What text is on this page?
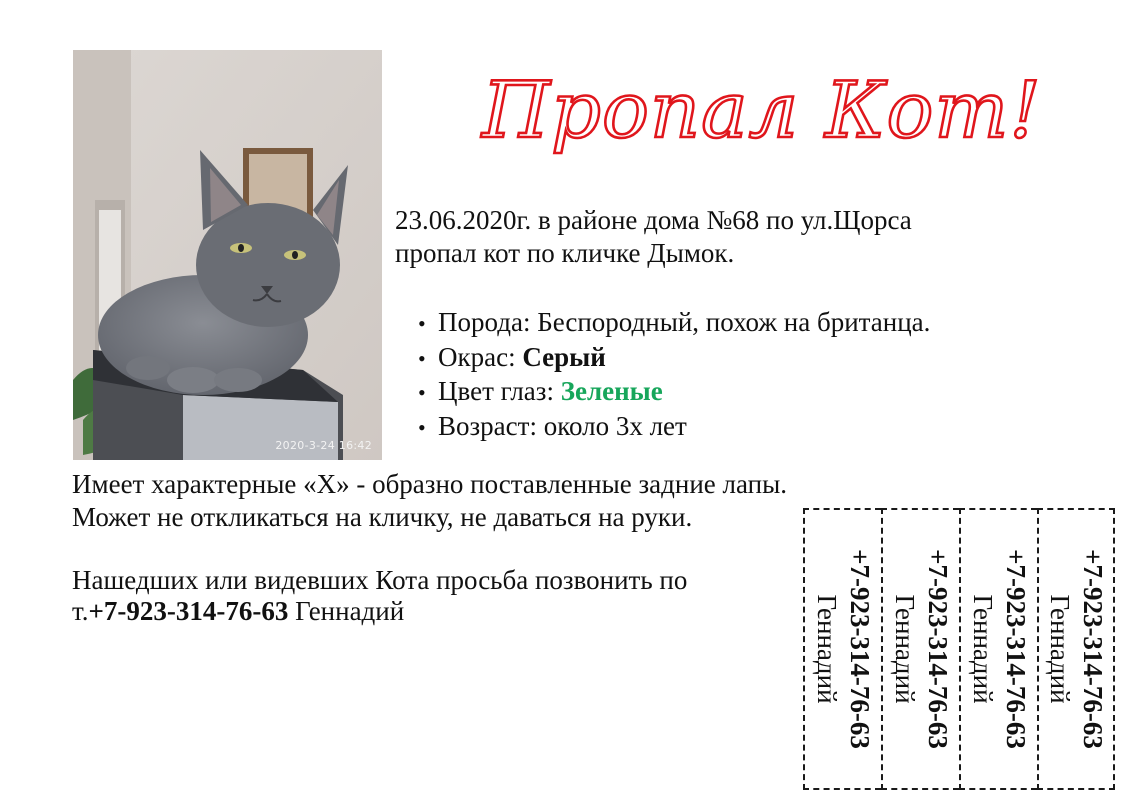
2020-3-24 16:42
Пропал Кот!
23.06.2020г. в районе дома №68 по ул.Щорса
пропал кот по кличке Дымок.
• Порода: Беспородный, похож на британца.
• Окрас: Серый
• Цвет глаз: Зеленые
• Возраст: около 3х лет

Имеет характерные «Х» - образно поставленные задние лапы.

Может не откликаться на кличку, не даваться на руки.

Нашедших или видевших Кота просьба позвонить по

т.+7-923-314-76-63 Геннадий	+7-923-314-76-63
Геннадий	+7-923-314-76-63
Геннадий	+7-923-314-76-63
Геннадий	+7-923-314-76-63
Геннадий
